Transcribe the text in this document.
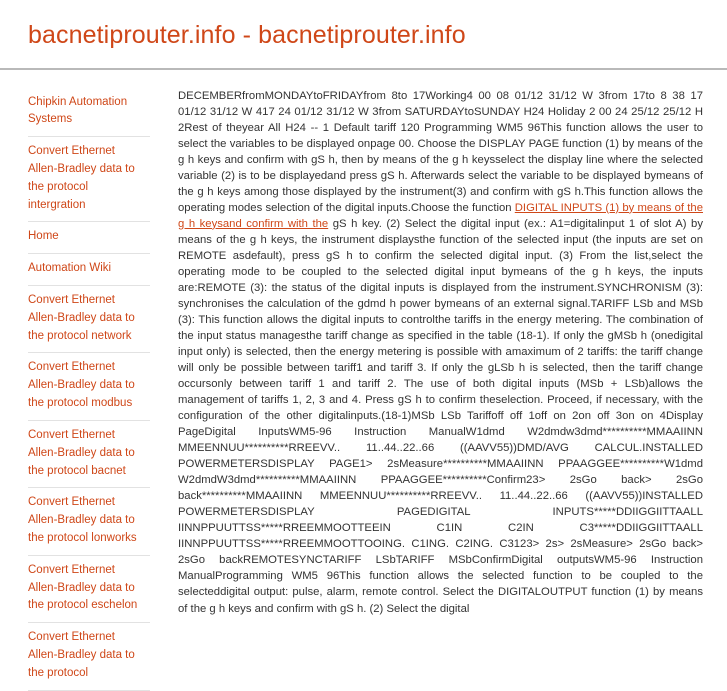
bacnetiprouter.info - bacnetiprouter.info
Chipkin Automation Systems
Convert Ethernet Allen-Bradley data to the protocol intergration
Home
Automation Wiki
Convert Ethernet Allen-Bradley data to the protocol network
Convert Ethernet Allen-Bradley data to the protocol modbus
Convert Ethernet Allen-Bradley data to the protocol bacnet
Convert Ethernet Allen-Bradley data to the protocol lonworks
Convert Ethernet Allen-Bradley data to the protocol eschelon
Convert Ethernet Allen-Bradley data to the protocol

DECEMBERfromMONDAYtoFRIDAYfrom 8to 17Working4 00 08 01/12 31/12 W 3from 17to 8 38 17 01/12 31/12 W 417 24 01/12 31/12 W 3from SATURDAYtoSUNDAY H24 Holiday 2 00 24 25/12 25/12 H 2Rest of theyear All H24 -- 1 Default tariff 120 Programming WM5 96This function allows the user to select the variables to be displayed onpage 00. Choose the DISPLAY PAGE function (1) by means of the g h keys and confirm with gS h, then by means of the g h keysselect the display line where the selected variable (2) is to be displayedand press gS h. Afterwards select the variable to be displayed bymeans of the g h keys among those displayed by the instrument(3) and confirm with gS h.This function allows the operating modes selection of the digital inputs.Choose the function DIGITAL INPUTS (1) by means of the g h keysand confirm with the gS h key. (2) Select the digital input (ex.: A1=digitalinput 1 of slot A) by means of the g h keys, the instrument displaysthe function of the selected input (the inputs are set on REMOTE asdefault), press gS h to confirm the selected digital input. (3) From the list,select the operating mode to be coupled to the selected digital input bymeans of the g h keys, the inputs are:REMOTE (3): the status of the digital inputs is displayed from the instrument.SYNCHRONISM (3): synchronises the calculation of the gdmd h power bymeans of an external signal.TARIFF LSb and MSb (3): This function allows the digital inputs to controlthe tariffs in the energy metering. The combination of the input status managesthe tariff change as specified in the table (18-1). If only the gMSb h (onedigital input only) is selected, then the energy metering is possible with amaximum of 2 tariffs: the tariff change will only be possible between tariff1 and tariff 3. If only the gLSb h is selected, then the tariff change occursonly between tariff 1 and tariff 2. The use of both digital inputs (MSb + LSb)allows the management of tariffs 1, 2, 3 and 4. Press gS h to confirm theselection. Proceed, if necessary, with the configuration of the other digitalinputs.(18-1)MSb LSb Tariffoff off 1off on 2on off 3on on 4Display PageDigital InputsWM5-96 Instruction ManualW1dmd W2dmdw3dmd**********MMAAIINN MMEENNUU**********RREEVV.. 11..44..22..66 ((AAVV55))DMD/AVG CALCUL.INSTALLED POWERMETERSDISPLAY PAGE1> 2sMeasure**********MMAAIINN PPAAGGEE**********W1dmd W2dmdW3dmd**********MMAAIINN PPAAGGEE**********Confirm23> 2sGo back> 2sGo back**********MMAAIINN MMEENNUU**********RREEVV.. 11..44..22..66 ((AAVV55))INSTALLED POWERMETERSDISPLAY PAGEDIGITAL INPUTS*****DDIIGGIITTAALL IINNPPUUTTSS*****RREEMMOOTTEEIN C1IN C2IN C3*****DDIIGGIITTAALL IINNPPUUTTSS*****RREEMMOOTTOOING. C1ING. C2ING. C3123> 2s> 2sMeasure> 2sGo back> 2sGo backREMOTESYNCTARIFF LSbTARIFF MSbConfirmDigital outputsWM5-96 Instruction ManualProgramming WM5 96This function allows the selected function to be coupled to the selecteddigital output: pulse, alarm, remote control. Select the DIGITALOUTPUT function (1) by means of the g h keys and confirm with gS h. (2) Select the digital
